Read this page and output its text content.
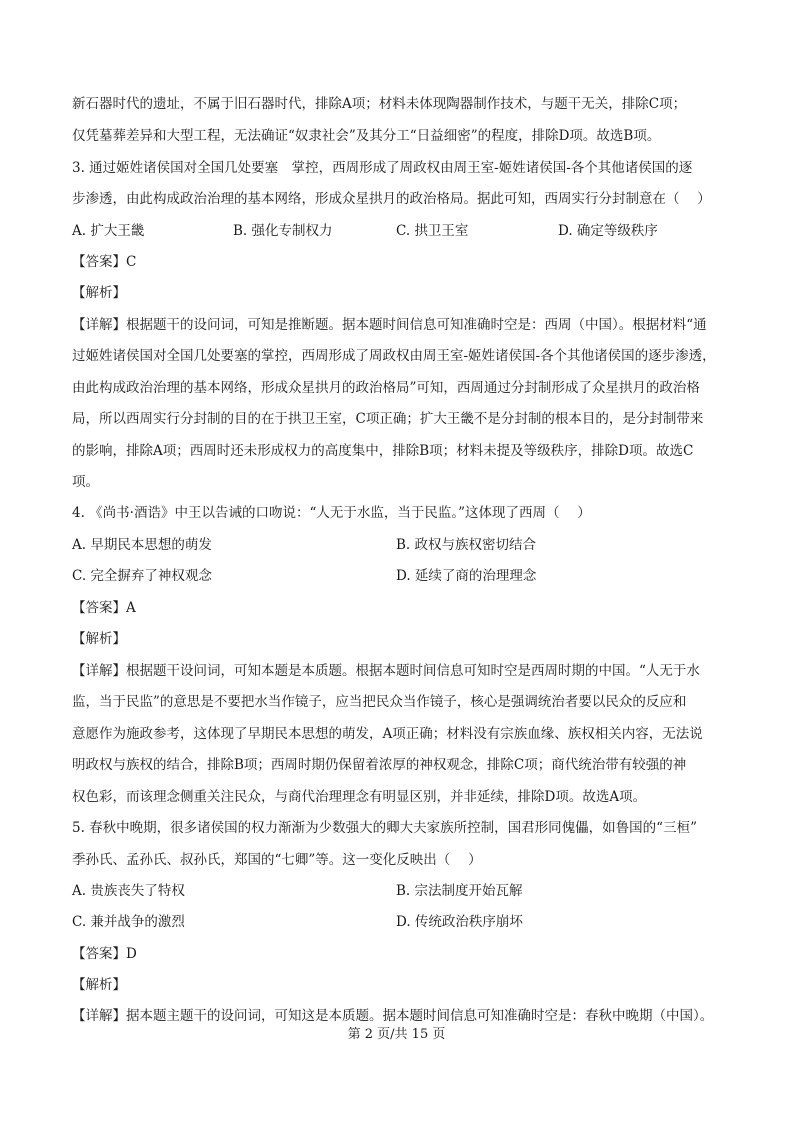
新石器时代的遗址，不属于旧石器时代，排除A项；材料未体现陶器制作技术，与题干无关，排除C项；
仅凭墓葬差异和大型工程，无法确证“奴隶社会”及其分工“日益细密”的程度，排除D项。故选B项。
3. 通过姬姓诸侯国对全国几处要塞　掌控，西周形成了周政权由周王室-姬姓诸侯国-各个其他诸侯国的逐
步渗透，由此构成政治治理的基本网络，形成众星拱月的政治格局。据此可知，西周实行分封制意在（　 ）
A. 扩大王畿	B. 强化专制权力	C. 拱卫王室	D. 确定等级秩序
【答案】C
【解析】
【详解】根据题干的设问词，可知是推断题。据本题时间信息可知准确时空是：西周（中国）。根据材料“通
过姬姓诸侯国对全国几处要塞的掌控，西周形成了周政权由周王室-姬姓诸侯国-各个其他诸侯国的逐步渗透，
由此构成政治治理的基本网络，形成众星拱月的政治格局”可知，西周通过分封制形成了众星拱月的政治格
局，所以西周实行分封制的目的在于拱卫王室，C项正确；扩大王畿不是分封制的根本目的，是分封制带来
的影响，排除A项；西周时还未形成权力的高度集中，排除B项；材料未提及等级秩序，排除D项。故选C
项。
4. 《尚书·酒诰》中王以告诫的口吻说：“人无于水监，当于民监。”这体现了西周（　 ）
A. 早期民本思想的萌发	B. 政权与族权密切结合
C. 完全摒弃了神权观念	D. 延续了商的治理理念
【答案】A
【解析】
【详解】根据题干设问词，可知本题是本质题。根据本题时间信息可知时空是西周时期的中国。“人无于水
监，当于民监”的意思是不要把水当作镜子，应当把民众当作镜子，核心是强调统治者要以民众的反应和
意愿作为施政参考，这体现了早期民本思想的萌发，A项正确；材料没有宗族血缘、族权相关内容，无法说
明政权与族权的结合，排除B项；西周时期仍保留着浓厚的神权观念，排除C项；商代统治带有较强的神
权色彩，而该理念侧重关注民众，与商代治理理念有明显区别，并非延续，排除D项。故选A项。
5. 春秋中晚期，很多诸侯国的权力渐渐为少数强大的卿大夫家族所控制，国君形同傀儡，如鲁国的“三桓”
季孙氏、孟孙氏、叔孙氏，郑国的“七卿”等。这一变化反映出（　 ）
A. 贵族丧失了特权	B. 宗法制度开始瓦解
C. 兼并战争的激烈	D. 传统政治秩序崩坏
【答案】D
【解析】
【详解】据本题主题干的设问词，可知这是本质题。据本题时间信息可知准确时空是：春秋中晚期（中国）。
第 2 页/共 15 页
